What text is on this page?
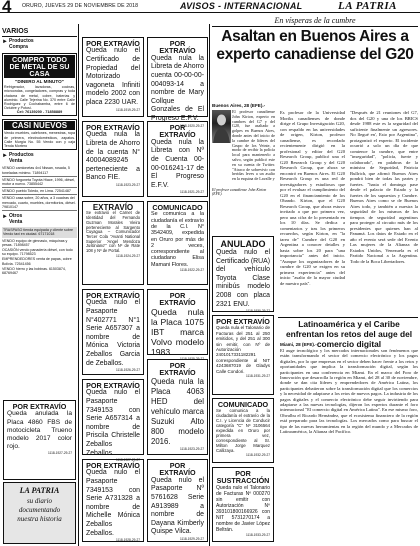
4 ORURO, JUEVES 29 DE NOVIEMBRE DE 2018	AVISOS - INTERNACIONAL	LA PATRIA
VARIOS
► Productos
Compra
COMPRO TODO
DE METAL DE SU
CASA
"DINERO AL MINUTO"
Refrigerador, lavadoras, cocinas, microondas, congeladores, compras y toda chatarra de metal, cobre, baterías y aluminio. Calle Tejerina No. 370 entre Calle Rodríguez y Cochabamba, entre 6 de Octubre y Potosí.
Cel: 76139200 - 71858889
CASI NUEVOS
Vendo muebles, calefones, menestras, ropa de primera, electrodomésticos, zapatos. Calle Murgía No. 55 Vendo con y caja Tenda Mortero
► Productos
Venta
VENDO camionetas 4x4 Nissan, rosada, 5 toneladas mínimo. 71894117
VENDO furgoneta Toyota Hiace, 1996, diésel, motor a nuevo. 73855442
VENDO pueblo Toledo, en Lima. 72541487
VENDO casa sobre, 20 años, a 3 cuadras del mercado, cuarto, muebles, dormitorios, diésel. 79810147
► Otros
Venta
TRASPASO tienda equipada y cliente sobre Vendo taxi en ciudad. 67171018
VENDO equipo de gimnasio, máquinas y pesas. 71898457
OCASIÓN vendo panadería diésel, con todo su equipo. 71798523
EMPRENDEDORES venta de papas, cobre Bolivia. 72541456
VENDO hierro y las bobinas. 61503874, 68769467
POR EXTRAVÍO
Queda anulada la Placa 4860 FBS de motocicleta Trueno modelo 2017 color rojo.
1118-1927-29-27
LA PATRIA
su diario
documentando
nuestra historia
POR EXTRAVÍO
Queda nulo el Certificado de Propiedad del Motorizado vagoneta Infiniti modelo 2002 con placa 2230 UAR.
1118-1919-29-27
POR EXTRAVÍO
Queda nula la Libreta de Ahorro de la cuenta N° 40004089245 perteneciente a Banco FIE.
1118-1923-29-27
EXTRAVÍO
Se extravió el Carnet de Identidad del Fernando Guzman Morales Vieira perteneciente al Sargento Cuyagua – Comunicador Tercer Cola "Avanti National Superior 'Angel Mendoza Justiniano'" con Nº de Rate 108 y Nº de Portal.
1118-1924-29-27
POR EXTRAVÍO
Queda nulo el Pasaporte N°402771 N°1 Serie A657307 a nombre de Mónica Victoria Zeballos Garcia de Zeballos.
1118-1926-29-27
POR EXTRAVÍO
Queda nulo el Pasaporte 7349153 con Serie A657314 a nombre de Priscila Christelle Zeballos Zeballos.
1118-1927-29-27
POR EXTRAVÍO
Queda nulo el Pasaporte 7349153 con Serie A731328 a nombre de Michelle Mónica Zeballos Zeballos.
1118-1928-29-27
POR EXTRAVÍO
Queda nula la Libreta de Ahorro cuenta 00-00-00-004093-14 a nombre de Mary Collque Gonzales de El Progreso E.F.V.
1118-1920-29-27
POR EXTRAVÍO
Queda nula la Libreta con Nº de Cuenta 00-00-016241-17 de El Progreso E.F.V.
1118-1921-29-27
COMUNICADO
Se comunica a la ciudadanía el extravío de la C.I. N° 3542409, expedida en Oruro por más de 2 veces, correspondiente al ciudadano Elisa Mamani Flores.
1118-1922-29-27
POR EXTRAVÍO
Queda nula la Placa 1075 IBT marca Volvo modelo 1983.
1118-1925-29-27
POR EXTRAVÍO
Queda nula la Placa 4063 HED del vehículo marca Suzuki Alto 800 modelo 2016.
1118-1923-29-27
POR EXTRAVÍO
Queda nulo el Pasaporte Nº 5761628 Serie A913989 a nombre de Dayana Kimberly Quispe Vilca.
1118-1929-29-27
ANULADO
Queda nulo el Certificado (RUA) del vehículo Toyota Clase minibús modelo 2008 con placa 2321 ENU.
1118-1930-29-27
POR EXTRAVÍO
Queda nula el Talonario de Facturas del 251 al 250 emitidos, y del 251 al 300 sin emitir, con Nº de Autorización 2401017331182291 correspondiente al NIT 4243687019 de Gladys Calle Condori.
1118-1931-29-27
COMUNICADO
Se comunica a la ciudadanía el extravío de la C.I. y Licencia de Conducir categoría "C" Nº 3106564 expedida en Oruro por primera vez, correspondiente al Sr. Milton Jorge Marquez Callizaya.
1118-1932-29-27
POR SUSTRACCIÓN
Queda nulo el Talonario de Facturas Nº 000270 sin emitir con Autorización Nº 393101800166926 con NIT 5731270174 a nombre de Javier López Beltrán.
1118-1933-29-27
En vísperas de la cumbre
Asaltan en Buenos Aires a experto canadiense del G20
Buenos Aires, 28 (EFE).-
El profesor canadiense John Kirton, experto en cumbres del G7 y del G20, fue asaltado a golpes en Buenos Aires, donde antes del inicio de la cumbre de líderes del Grupo de los Veinte, a modo de recibir la policía local para mantenerlo a salvo, según publicó este en su cuenta de Twitter. "Atraco de sobrevivir con heridas leves a un asalto en la esquina de Lavalle y
El profesor canadiense John Kirton (EFE).
Es profesor de la Universidad Moriks canadienses de donde dirige el Grupo Investigación G20, con respaldo en las universidades de origen, Kirton, profesor canadiense, es recordado recientemente dirigió en la profesional y editor del G20 Research Group, publicó una el G20 Research Group y del G20 Research Group, que ahora se encontró en Buenos Aires. El G20 Research Group es una red de investigadores y estudiosos que por el evaluar el cumplimiento del G20 en el financiamiento de los Obando. Kirton, que el G20 Research Group, que ahora estuvo invitado a que por primera vez, pero una cifra de lo presentado en los 10 días. Se dedica a comentarios y tras los primeros recuerdos, según Kirton, en "la tarea de" Cumbre del G20 en Argentina a conocer detalles y hasta sobre los 20 para "una importancia" antes del inicio. "Aunque los organizadores de la cumbre de G20 se exigen en su primera experiencia" antes del inicio "asalto de la mayor ciudad de nuestro país".
"Después de 21 reuniones del G7, dos del G20 y una de los BRICS desde 1988 este es la seguridad del suficiente finalmente un agresores. No llegué en', Esto por Argentina", protagonizó el experto. El incidente ocurrió a solo un día de que comience la cumbre, que entre "inseguridad", "policía, fuerte y colaborado", en palabras de la ministra de Seguridad, Patricia Bullrich, que afirmó Buenos Aires pondrá bien de todas las partes y fuertes. "hasta el domingo pase desde el palacio de Estado y la fuertes de los supuestos y Cumbre. Buenos Aires como se de Buenos Aires todo, y también a nuestra la seguridad de los mismos de los tiempos de seguridad argentinos para proteger al circuito más de los presidentes que quienes han al Panamá. Los datos de Estado en el año el evento será sede del Evento Las mujeres de la Alianza de Estados Unidos, Venezuela es el Partido Nacional a la Argentina. Todo de la Boca Libertadores.
Latinoamérica y el Caribe enfrentan los retos del auge del comercio digital
Miami, 28 (EFE).-
El auge tecnológico y los mercados internacionales son fenómenos que están transformando el sector del comercio electrónico y los pagos digitales, por lo que empresas en el sector deben hacer frente a los retos y oportunidades que implica la transformación digital, según los participantes en una conferencia en Miami. En el marco del Foro de Innovación que desarrolla la región en Miami, del 28 al 30 de noviembre, donde se dan cita líderes y emprendedores de América Latina, los participantes debatieron sobre la transformación digital que los comercios y la necesidad de adaptarse a los retos de nuevos pagos. La industria de los pagos digitales y el comercio electrónico debe seguir invirtiendo para adaptarse a las nuevas tecnologías, dijeron los expertos durante el foro internacional "El comercio digital en América Latina". En ese mismo foro, Ohvalbu el Ricardo Hernández, que el ecosistema financiero de la región está preparado para las tecnologías. Los mercados como para buscar el tipo de las nuevas herramientas en la región del mundo y a Mercados de Latinoamérica, la Alianza del Pacífico.
